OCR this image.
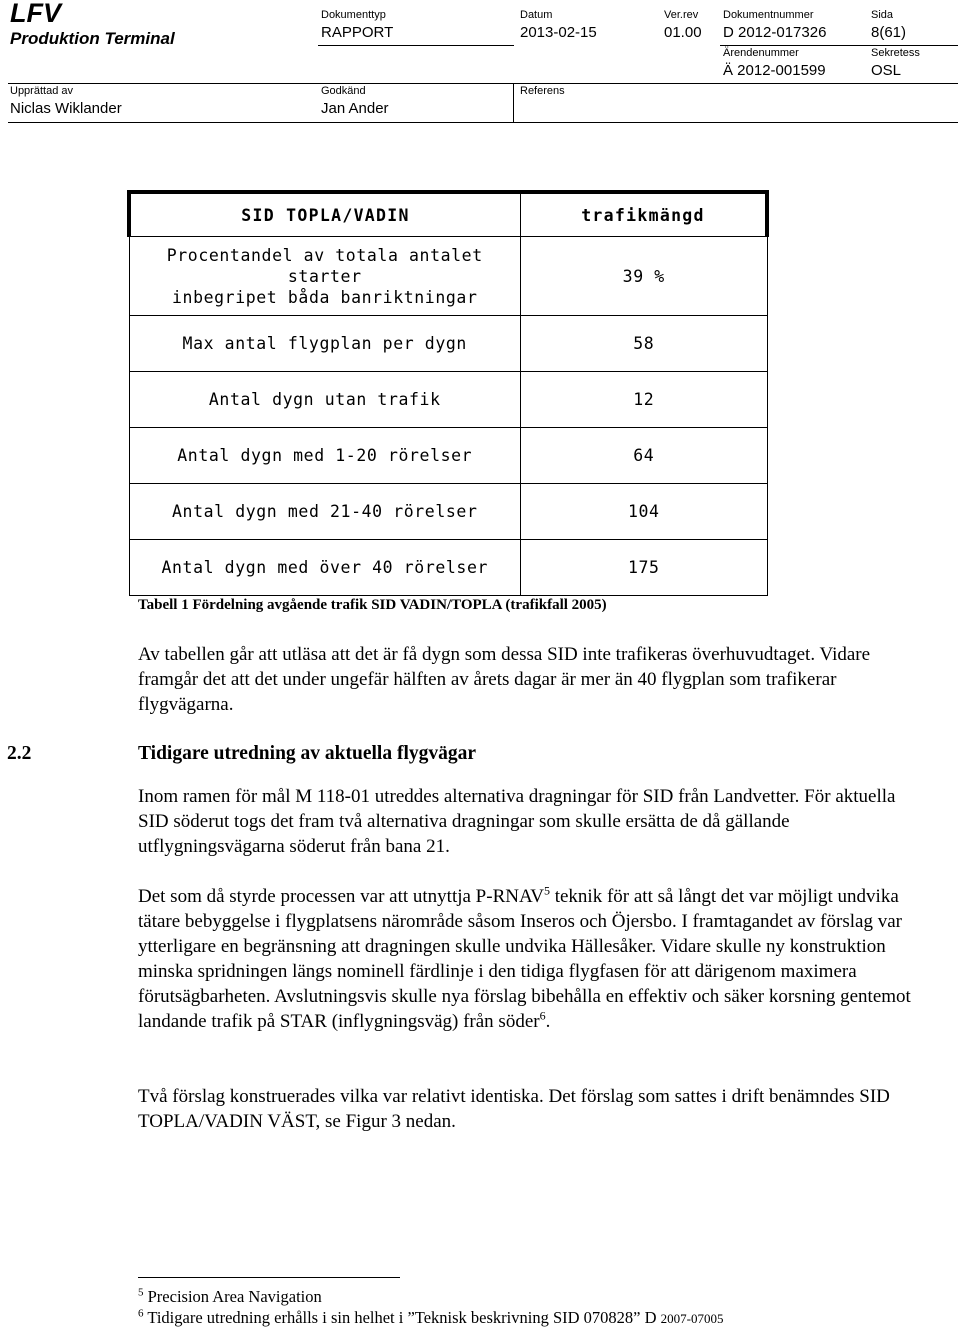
LFV
Produktion Terminal
Dokumenttyp
RAPPORT
Datum
2013-02-15
Ver.rev
01.00
Dokumentnummer
D 2012-017326
Sida
8(61)
Ärendenummer
Ä 2012-001599
Sekretess
OSL
Upprättad av
Niclas Wiklander
Godkänd
Jan Ander
Referens
SID TOPLA/VADIN	trafikmängd
Procentandel av totala antalet starter
inbegripet båda banriktningar	39 %
Max antal flygplan per dygn	58
Antal dygn utan trafik	12
Antal dygn med 1-20 rörelser	64
Antal dygn med 21-40 rörelser	104
Antal dygn med över 40 rörelser	175
Tabell 1 Fördelning avgående trafik SID VADIN/TOPLA (trafikfall 2005)
Av tabellen går att utläsa att det är få dygn som dessa SID inte trafikeras överhuvudtaget. Vidare framgår det att det under ungefär hälften av årets dagar är mer än 40 flygplan som trafikerar flygvägarna.
2.2	Tidigare utredning av aktuella flygvägar
Inom ramen för mål M 118-01 utreddes alternativa dragningar för SID från Landvetter. För aktuella SID söderut togs det fram två alternativa dragningar som skulle ersätta de då gällande utflygningsvägarna söderut från bana 21.
Det som då styrde processen var att utnyttja P-RNAV$^5$ teknik för att så långt det var möjligt undvika tätare bebyggelse i flygplatsens närområde såsom Inseros och Öjersbo. I framtagandet av förslag var ytterligare en begränsning att dragningen skulle undvika Hällesåker. Vidare skulle ny konstruktion minska spridningen längs nominell färdlinje i den tidiga flygfasen för att därigenom maximera förutsägbarheten. Avslutningsvis skulle nya förslag bibehålla en effektiv och säker korsning gentemot landande trafik på STAR (inflygningsväg) från söder$^6$.
Två förslag konstruerades vilka var relativt identiska. Det förslag som sattes i drift benämndes SID TOPLA/VADIN VÄST, se Figur 3 nedan.
$^5$ Precision Area Navigation
$^6$ Tidigare utredning erhålls i sin helhet i ”Teknisk beskrivning SID 070828” D 2007-07005
